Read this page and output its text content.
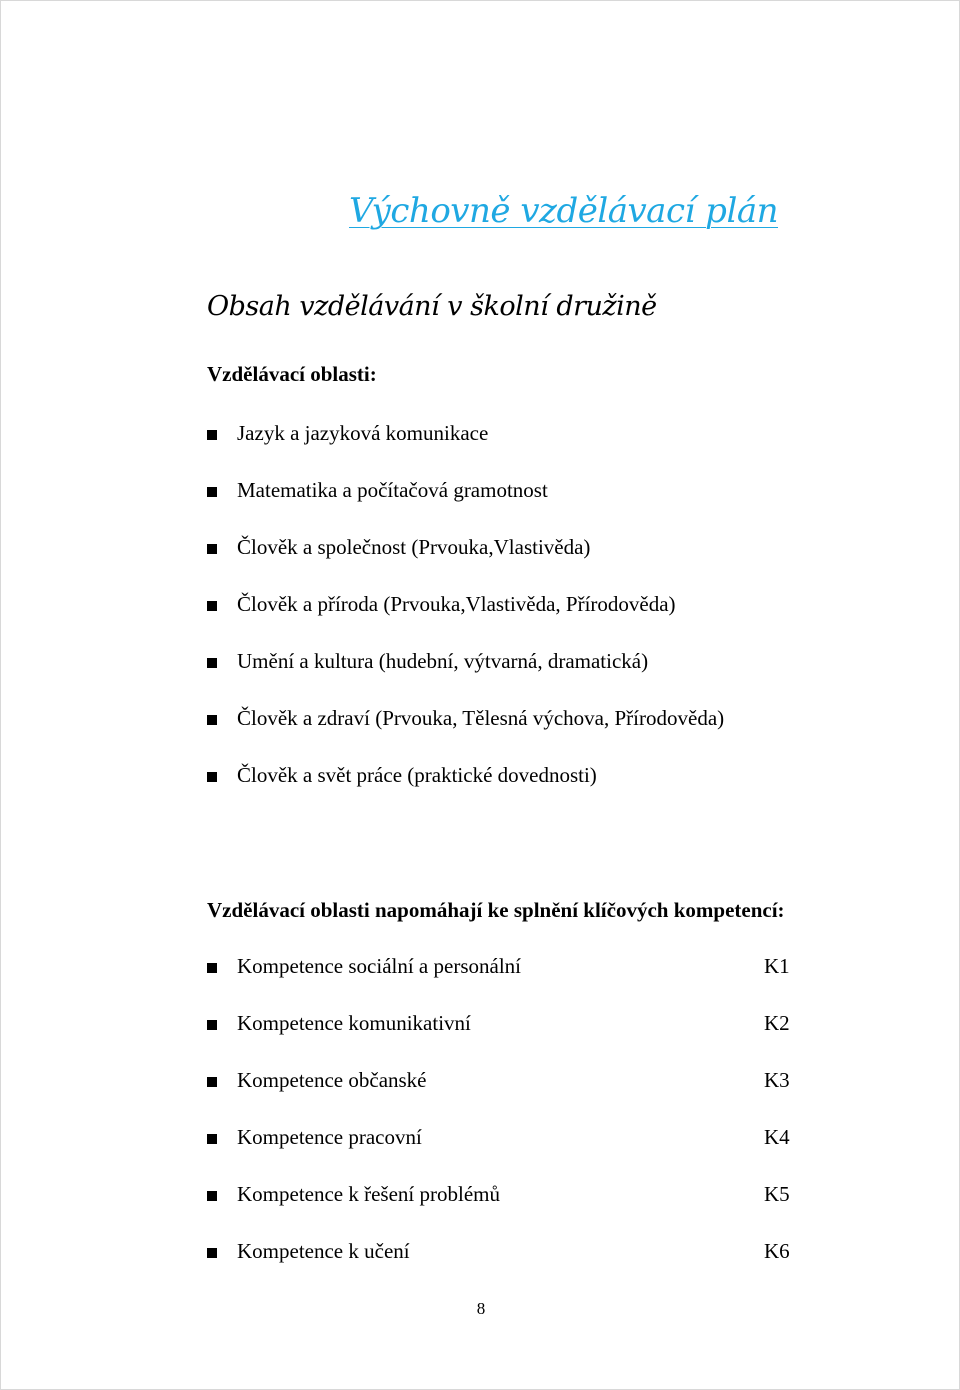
Výchovně vzdělávací plán
Obsah vzdělávání v školní družině
Vzdělávací oblasti:
Jazyk a jazyková komunikace
Matematika a počítačová gramotnost
Člověk a společnost (Prvouka,Vlastivěda)
Člověk a příroda (Prvouka,Vlastivěda, Přírodověda)
Umění a kultura (hudební, výtvarná, dramatická)
Člověk a zdraví (Prvouka, Tělesná výchova, Přírodověda)
Člověk a svět práce (praktické dovednosti)
Vzdělávací oblasti napomáhají ke splnění klíčových kompetencí:
Kompetence sociální a personální	K1
Kompetence komunikativní	K2
Kompetence občanské	K3
Kompetence pracovní	K4
Kompetence k řešení problémů	K5
Kompetence k učení	K6
8
